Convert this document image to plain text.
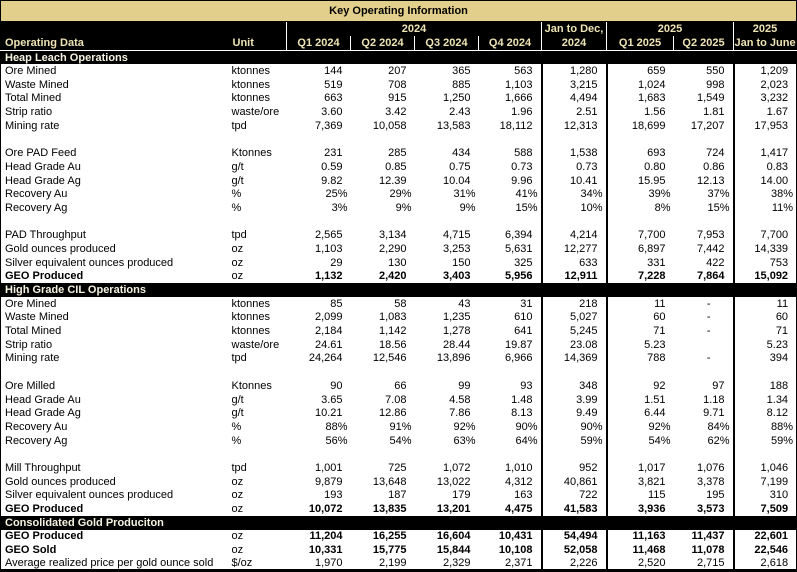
Key Operating Information									
		2024				Jan to Dec,	2025		2025
Operating Data	Unit	Q1 2024	Q2 2024	Q3 2024	Q4 2024	2024	Q1 2025	Q2 2025	Jan to June
Heap Leach Operations									
Ore Mined	ktonnes	144	207	365	563	1,280	659	550	1,209
Waste Mined	ktonnes	519	708	885	1,103	3,215	1,024	998	2,023
Total Mined	ktonnes	663	915	1,250	1,666	4,494	1,683	1,549	3,232
Strip ratio	waste/ore	3.60	3.42	2.43	1.96	2.51	1.56	1.81	1.67
Mining rate	tpd	7,369	10,058	13,583	18,112	12,313	18,699	17,207	17,953

Ore PAD Feed	Ktonnes	231	285	434	588	1,538	693	724	1,417
Head Grade Au	g/t	0.59	0.85	0.75	0.73	0.73	0.80	0.86	0.83
Head Grade Ag	g/t	9.82	12.39	10.04	9.96	10.41	15.95	12.13	14.00
Recovery Au	%	25%	29%	31%	41%	34%	39%	37%	38%
Recovery Ag	%	3%	9%	9%	15%	10%	8%	15%	11%

PAD Throughput	tpd	2,565	3,134	4,715	6,394	4,214	7,700	7,953	7,700
Gold ounces produced	oz	1,103	2,290	3,253	5,631	12,277	6,897	7,442	14,339
Silver equivalent ounces produced	oz	29	130	150	325	633	331	422	753
GEO Produced	oz	1,132	2,420	3,403	5,956	12,911	7,228	7,864	15,092
High Grade CIL Operations									
Ore Mined	ktonnes	85	58	43	31	218	11	-	11
Waste Mined	ktonnes	2,099	1,083	1,235	610	5,027	60	-	60
Total Mined	ktonnes	2,184	1,142	1,278	641	5,245	71	-	71
Strip ratio	waste/ore	24.61	18.56	28.44	19.87	23.08	5.23		5.23
Mining rate	tpd	24,264	12,546	13,896	6,966	14,369	788	-	394

Ore Milled	Ktonnes	90	66	99	93	348	92	97	188
Head Grade Au	g/t	3.65	7.08	4.58	1.48	3.99	1.51	1.18	1.34
Head Grade Ag	g/t	10.21	12.86	7.86	8.13	9.49	6.44	9.71	8.12
Recovery Au	%	88%	91%	92%	90%	90%	92%	84%	88%
Recovery Ag	%	56%	54%	63%	64%	59%	54%	62%	59%

Mill Throughput	tpd	1,001	725	1,072	1,010	952	1,017	1,076	1,046
Gold ounces produced	oz	9,879	13,648	13,022	4,312	40,861	3,821	3,378	7,199
Silver equivalent ounces produced	oz	193	187	179	163	722	115	195	310
GEO Produced	oz	10,072	13,835	13,201	4,475	41,583	3,936	3,573	7,509
Consolidated Gold Produciton									
GEO Produced	oz	11,204	16,255	16,604	10,431	54,494	11,163	11,437	22,601
GEO Sold	oz	10,331	15,775	15,844	10,108	52,058	11,468	11,078	22,546
Average realized price per gold ounce sold	$/oz	1,970	2,199	2,329	2,371	2,226	2,520	2,715	2,618
